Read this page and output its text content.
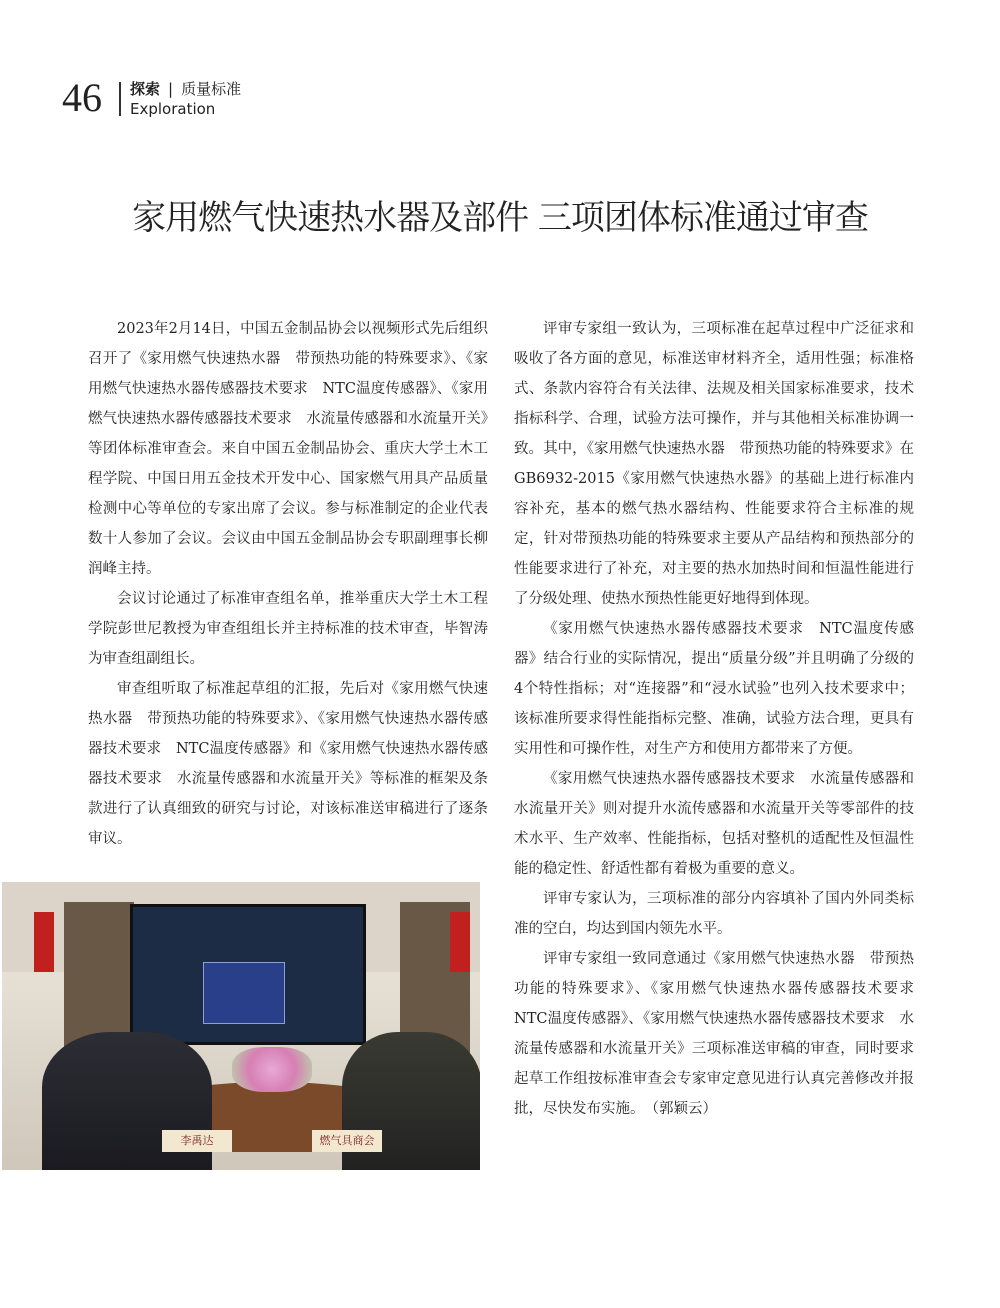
46 探索 | 质量标准
Exploration
家用燃气快速热水器及部件 三项团体标准通过审查

2023年2月14日，中国五金制品协会以视频形式先后组织召开了《家用燃气快速热水器　带预热功能的特殊要求》、《家用燃气快速热水器传感器技术要求　NTC温度传感器》、《家用燃气快速热水器传感器技术要求　水流量传感器和水流量开关》等团体标准审查会。来自中国五金制品协会、重庆大学土木工程学院、中国日用五金技术开发中心、国家燃气用具产品质量检测中心等单位的专家出席了会议。参与标准制定的企业代表数十人参加了会议。会议由中国五金制品协会专职副理事长柳润峰主持。

会议讨论通过了标准审查组名单，推举重庆大学土木工程学院彭世尼教授为审查组组长并主持标准的技术审查，毕智涛为审查组副组长。

审查组听取了标准起草组的汇报，先后对《家用燃气快速热水器　带预热功能的特殊要求》、《家用燃气快速热水器传感器技术要求　NTC温度传感器》和《家用燃气快速热水器传感器技术要求　水流量传感器和水流量开关》等标准的框架及条款进行了认真细致的研究与讨论，对该标准送审稿进行了逐条审议。

评审专家组一致认为，三项标准在起草过程中广泛征求和吸收了各方面的意见，标准送审材料齐全，适用性强；标准格式、条款内容符合有关法律、法规及相关国家标准要求，技术指标科学、合理，试验方法可操作，并与其他相关标准协调一致。其中，《家用燃气快速热水器　带预热功能的特殊要求》在GB6932-2015《家用燃气快速热水器》的基础上进行标准内容补充，基本的燃气热水器结构、性能要求符合主标准的规定，针对带预热功能的特殊要求主要从产品结构和预热部分的性能要求进行了补充，对主要的热水加热时间和恒温性能进行了分级处理、使热水预热性能更好地得到体现。

《家用燃气快速热水器传感器技术要求　NTC温度传感器》结合行业的实际情况，提出“质量分级”并且明确了分级的4个特性指标；对“连接器”和“浸水试验”也列入技术要求中；该标准所要求得性能指标完整、准确，试验方法合理，更具有实用性和可操作性，对生产方和使用方都带来了方便。

《家用燃气快速热水器传感器技术要求　水流量传感器和水流量开关》则对提升水流传感器和水流量开关等零部件的技术水平、生产效率、性能指标，包括对整机的适配性及恒温性能的稳定性、舒适性都有着极为重要的意义。

评审专家认为，三项标准的部分内容填补了国内外同类标准的空白，均达到国内领先水平。

评审专家组一致同意通过《家用燃气快速热水器　带预热功能的特殊要求》、《家用燃气快速热水器传感器技术要求　NTC温度传感器》、《家用燃气快速热水器传感器技术要求　水流量传感器和水流量开关》三项标准送审稿的审查，同时要求起草工作组按标准审查会专家审定意见进行认真完善修改并报批，尽快发布实施。　（郭颖云）

李禹达	燃气具商会
